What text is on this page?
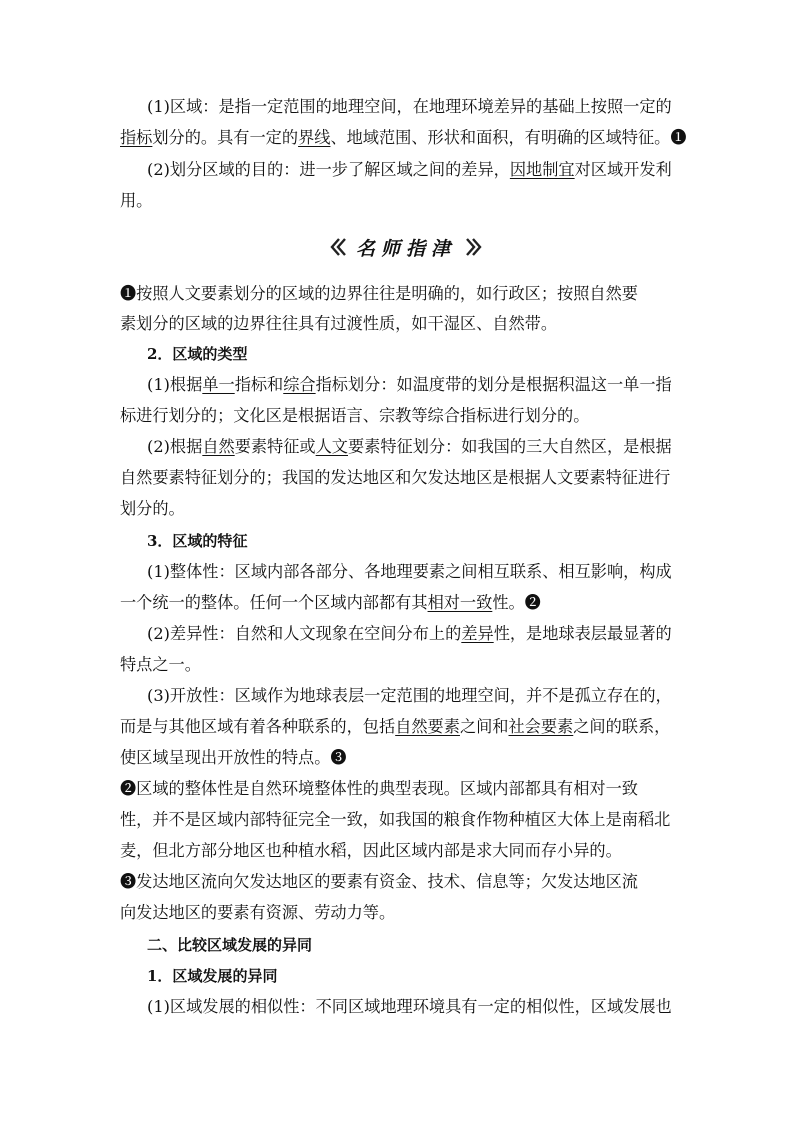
(1)区域：是指一定范围的地理空间，在地理环境差异的基础上按照一定的
指标划分的。具有一定的界线、地域范围、形状和面积，有明确的区域特征。❶
(2)划分区域的目的：进一步了解区域之间的差异，因地制宜对区域开发利
用。
名师指津
❶按照人文要素划分的区域的边界往往是明确的，如行政区；按照自然要
素划分的区域的边界往往具有过渡性质，如干湿区、自然带。
2．区域的类型
(1)根据单一指标和综合指标划分：如温度带的划分是根据积温这一单一指
标进行划分的；文化区是根据语言、宗教等综合指标进行划分的。
(2)根据自然要素特征或人文要素特征划分：如我国的三大自然区，是根据
自然要素特征划分的；我国的发达地区和欠发达地区是根据人文要素特征进行
划分的。
3．区域的特征
(1)整体性：区域内部各部分、各地理要素之间相互联系、相互影响，构成
一个统一的整体。任何一个区域内部都有其相对一致性。❷
(2)差异性：自然和人文现象在空间分布上的差异性，是地球表层最显著的
特点之一。
(3)开放性：区域作为地球表层一定范围的地理空间，并不是孤立存在的，
而是与其他区域有着各种联系的，包括自然要素之间和社会要素之间的联系，
使区域呈现出开放性的特点。❸
❷区域的整体性是自然环境整体性的典型表现。区域内部都具有相对一致
性，并不是区域内部特征完全一致，如我国的粮食作物种植区大体上是南稻北
麦，但北方部分地区也种植水稻，因此区域内部是求大同而存小异的。
❸发达地区流向欠发达地区的要素有资金、技术、信息等；欠发达地区流
向发达地区的要素有资源、劳动力等。
二、比较区域发展的异同
1．区域发展的异同
(1)区域发展的相似性：不同区域地理环境具有一定的相似性，区域发展也
